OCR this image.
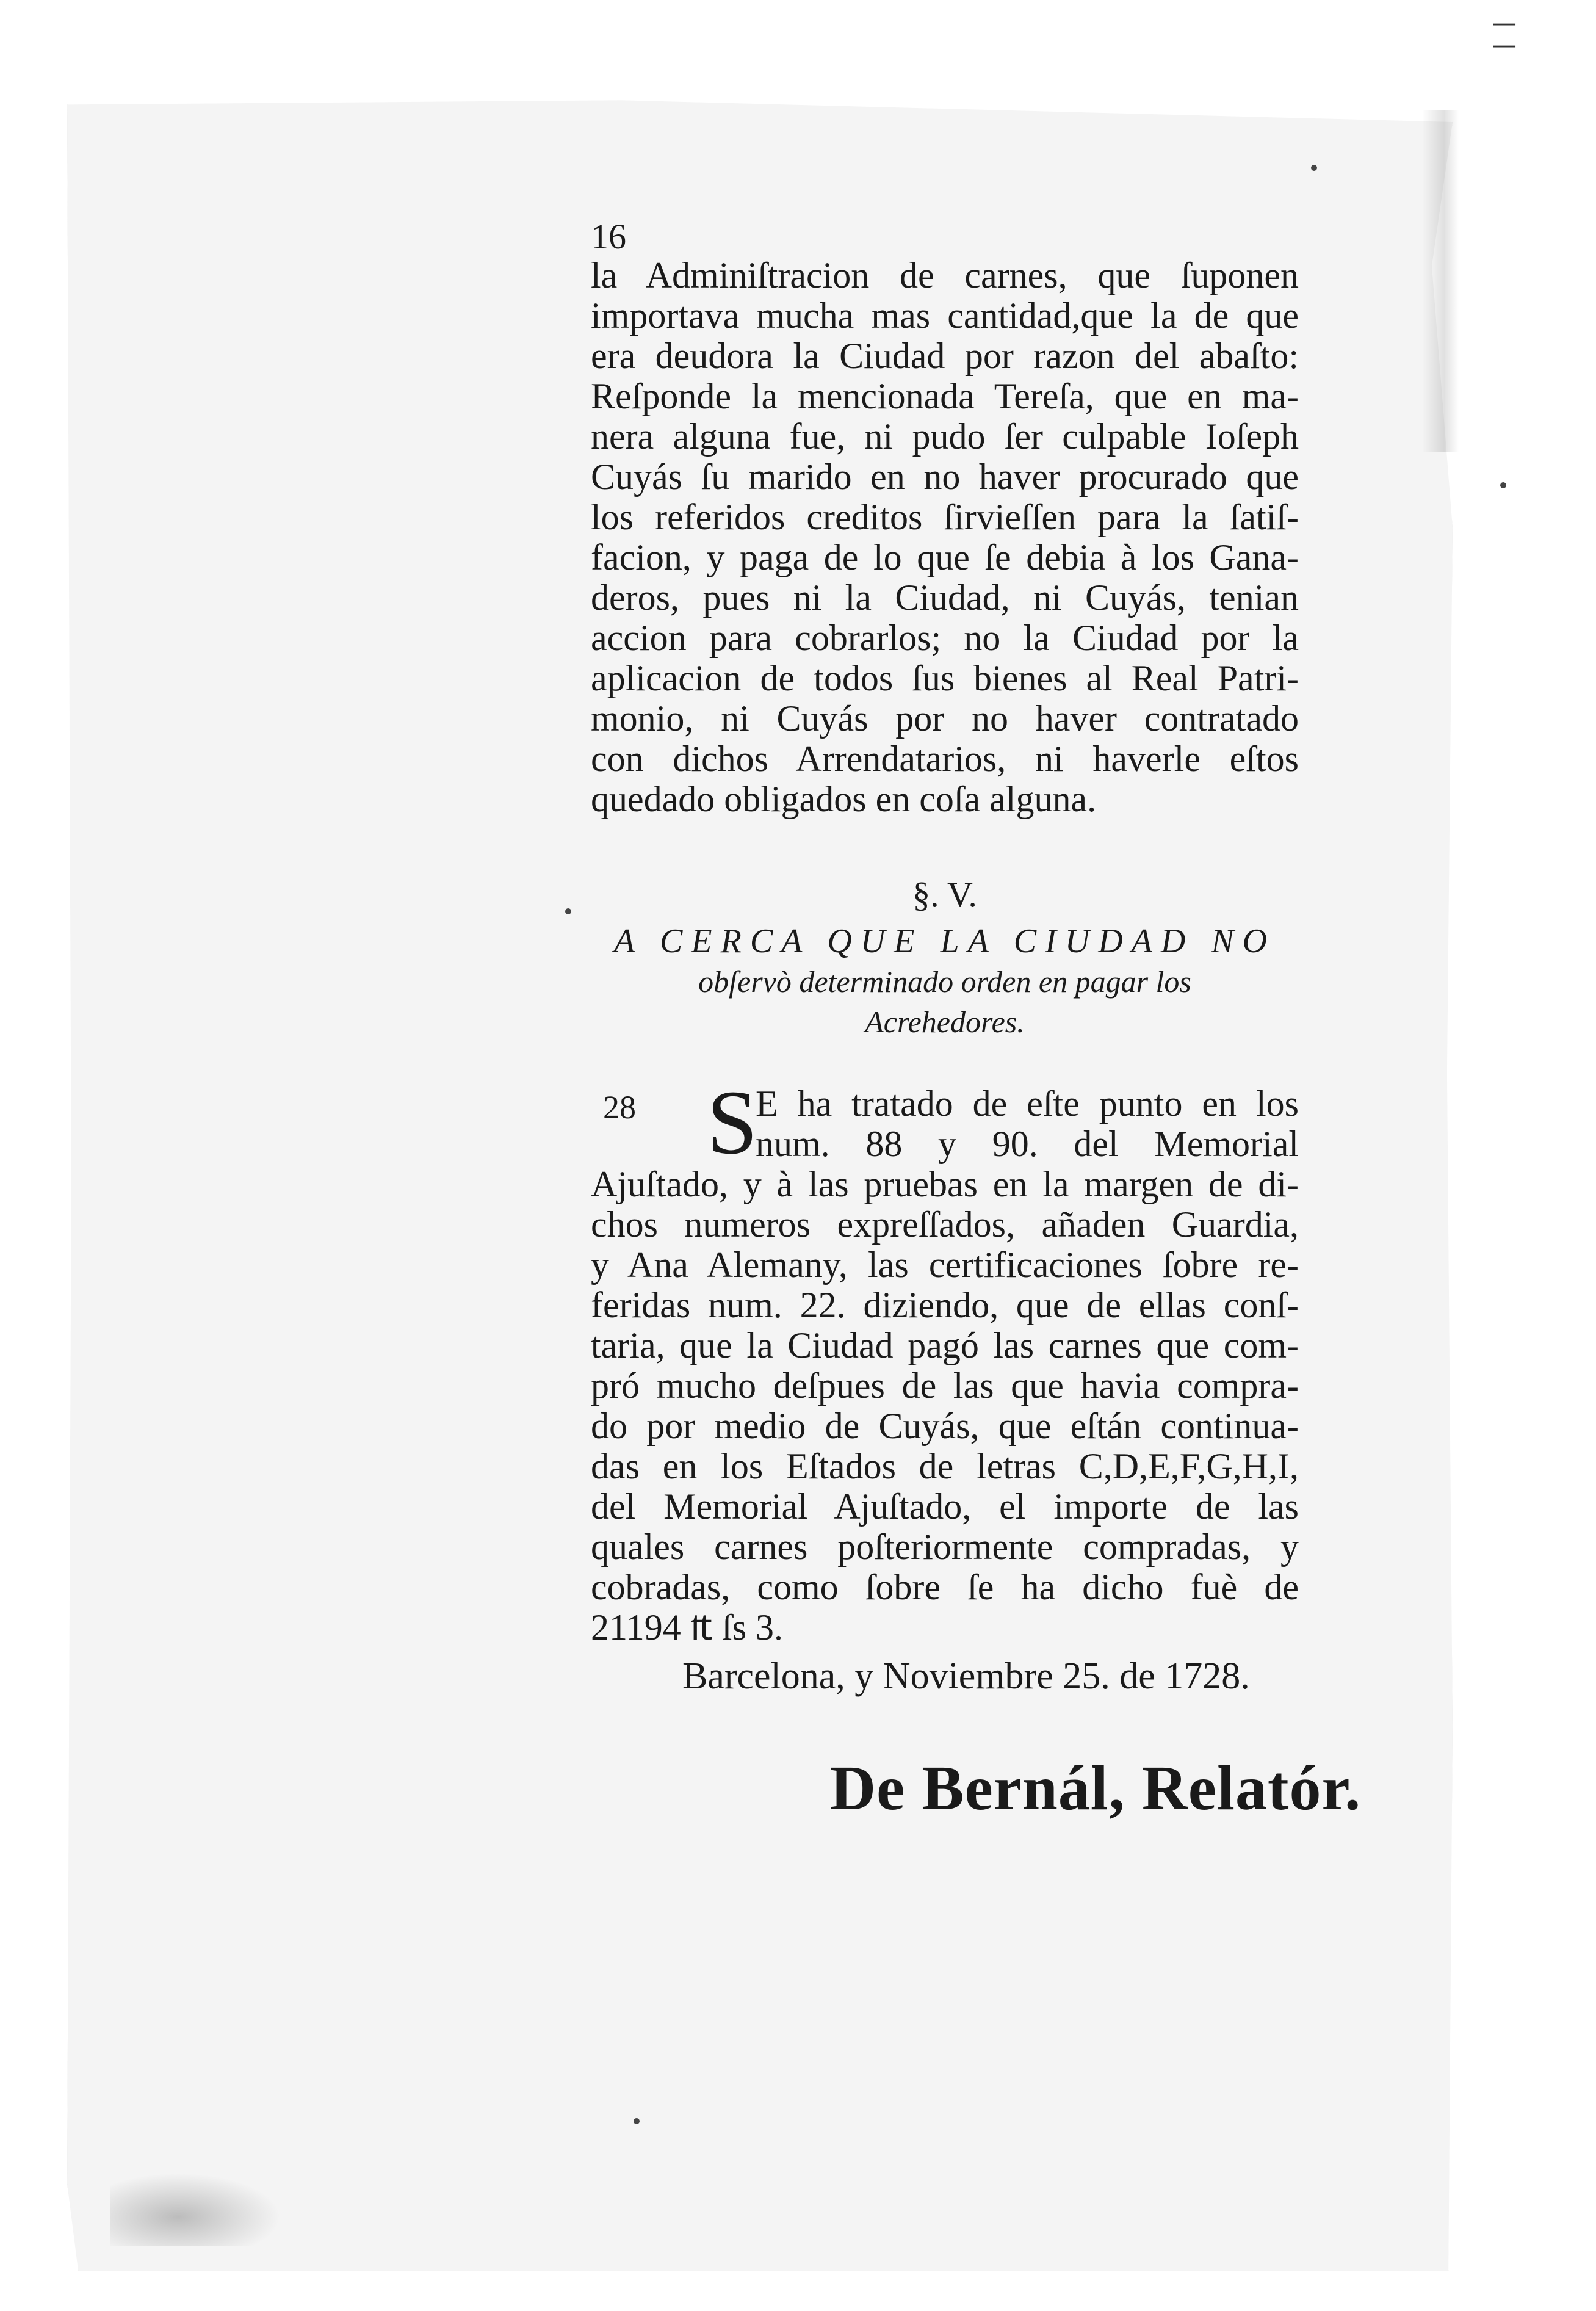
—
—

16

la Adminiſtracion de carnes, que ſuponen
importava mucha mas cantidad,que la de que
era deudora la Ciudad por razon del abaſto:
Reſponde la mencionada Tereſa, que en ma-
nera alguna fue, ni pudo ſer culpable Ioſeph
Cuyás ſu marido en no haver procurado que
los referidos creditos ſirvieſſen para la ſatiſ-
facion, y paga de lo que ſe debia à los Gana-
deros, pues ni la Ciudad, ni Cuyás, tenian
accion para cobrarlos; no la Ciudad por la
aplicacion de todos ſus bienes al Real Patri-
monio, ni Cuyás por no haver contratado
con dichos Arrendatarios, ni haverle eſtos
quedado obligados en coſa alguna.
§. V.
A CERCA QUE LA CIUDAD NO
obſervò determinado orden en pagar los
Acrehedores.
28 S
E ha tratado de eſte punto en los
num. 88 y 90. del Memorial
Ajuſtado, y à las pruebas en la margen de di-
chos numeros expreſſados, añaden Guardia,
y Ana Alemany, las certificaciones ſobre re-
feridas num. 22. diziendo, que de ellas conſ-
taria, que la Ciudad pagó las carnes que com-
pró mucho deſpues de las que havia compra-
do por medio de Cuyás, que eſtán continua-
das en los Eſtados de letras C,D,E,F,G,H,I,
del Memorial Ajuſtado, el importe de las
quales carnes poſteriormente compradas, y
cobradas, como ſobre ſe ha dicho fuè de
21194 ₶ ſs 3.
Barcelona, y Noviembre 25. de 1728.
De Bernál, Relatór.
